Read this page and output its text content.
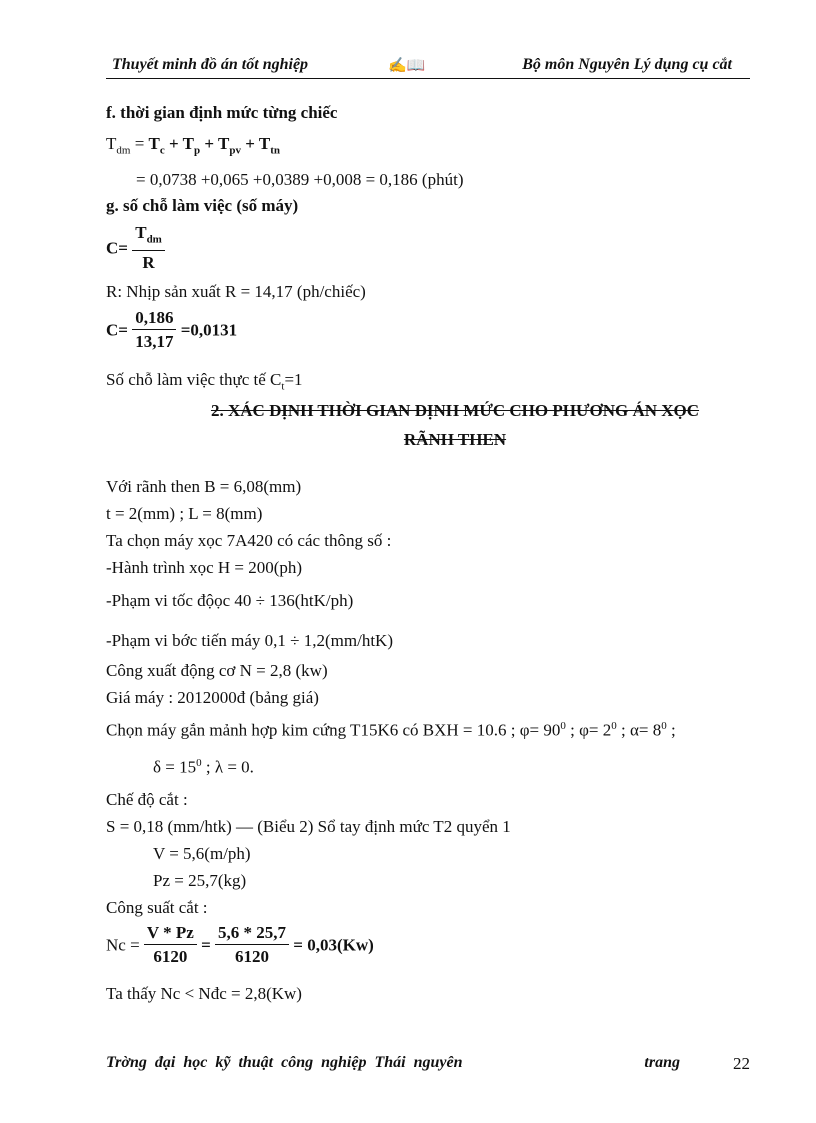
Thuyết minh đồ án tốt nghiệp	✍📖	Bộ môn Nguyên Lý dụng cụ cắt
f. thời gian định mức từng chiếc
$T_{dm} = T_c + T_p + T_{pv} + T_{tn}$
= 0,0738 +0,065 +0,0389 +0,008 = 0,186 (phút)
g. số chỗ làm việc (số máy)
$C= \frac{T_{dm}}{R}$
R: Nhịp sản xuất R = 14,17 (ph/chiếc)
$C= \frac{0,186}{13,17} =0,0131$
Số chỗ làm việc thực tế $C_t=1$
2. XÁC ĐỊNH THỜI GIAN ĐỊNH MỨC CHO PHƯƠNG ÁN XỌC
RÃNH THEN
Với rãnh then B = 6,08(mm)
t = 2(mm) ; L = 8(mm)
Ta chọn máy xọc 7A420 có các thông số :
-Hành trình xọc H = 200(ph)
-Phạm vi tốc độọc 40 ÷ 136(htK/ph)
-Phạm vi bớc tiến máy 0,1 ÷ 1,2(mm/htK)
Công xuất động cơ N = 2,8 (kw)
Giá máy : 2012000đ (bảng giá)
Chọn máy gắn mảnh hợp kim cứng T15K6 có BXH = 10.6 ; $\varphi= 90^0$ ; $\varphi= 2^0$ ; $\alpha= 8^0$ ;
$\delta = 15^0$ ; λ = 0.
Chế độ cắt :
S = 0,18 (mm/htk) — (Biểu 2) Sổ tay định mức T2 quyển 1
V = 5,6(m/ph)
Pz = 25,7(kg)
Công suất cắt :
$Nc = \frac{V * Pz}{6120} = \frac{5,6 * 25,7}{6120} = 0,03(Kw)$
Ta thấy Nc < Nđc = 2,8(Kw)
Trờng đại học kỹ thuật công nghiệp Thái nguyên	trang	22
